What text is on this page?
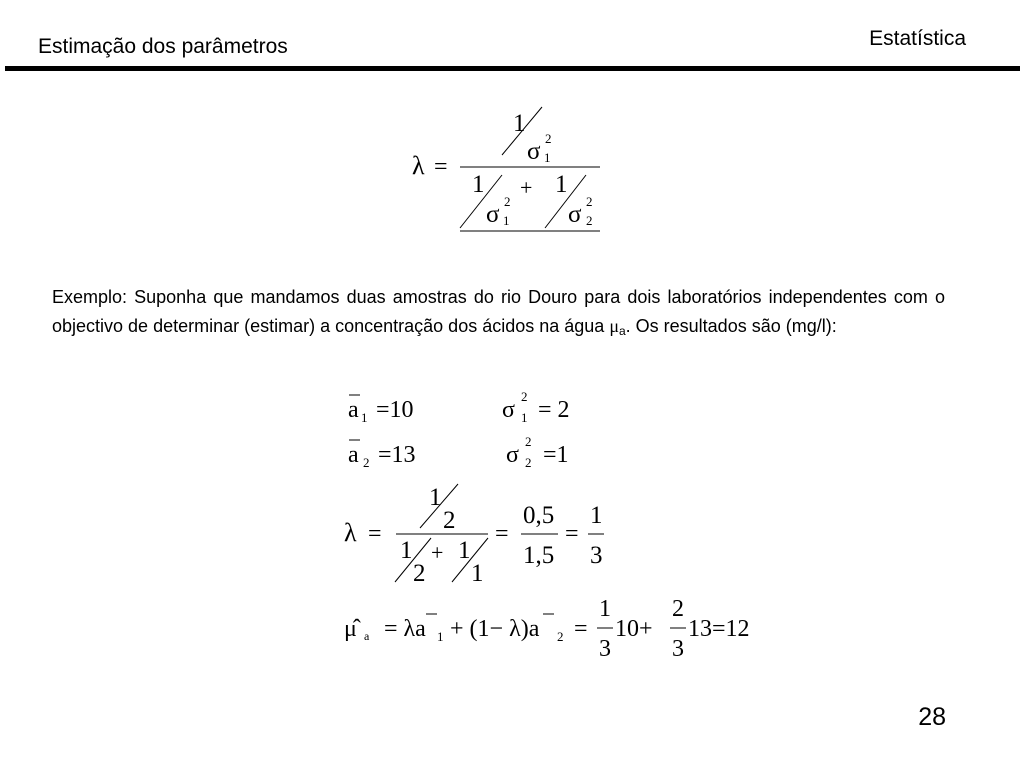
Estimação dos parâmetros	Estatística
λ =
1
σ 2
1
1
σ 2
1
+ 1
σ 2
2
Exemplo: Suponha que mandamos duas amostras do rio Douro para dois laboratórios independentes com o objectivo de determinar (estimar) a concentração dos ácidos na água $\mu_a$. Os resultados são (mg/l):
a 1 =10	σ
2
1 = 2
a 2 =13	σ
2
2 =1
λ =
1
2
1
2
+ 1
1
=
0,5
1,5
=
1
3
μ̂ a = λa 1 + (1− λ)a 2 =
1
3
10+
2
3
13=12
28
